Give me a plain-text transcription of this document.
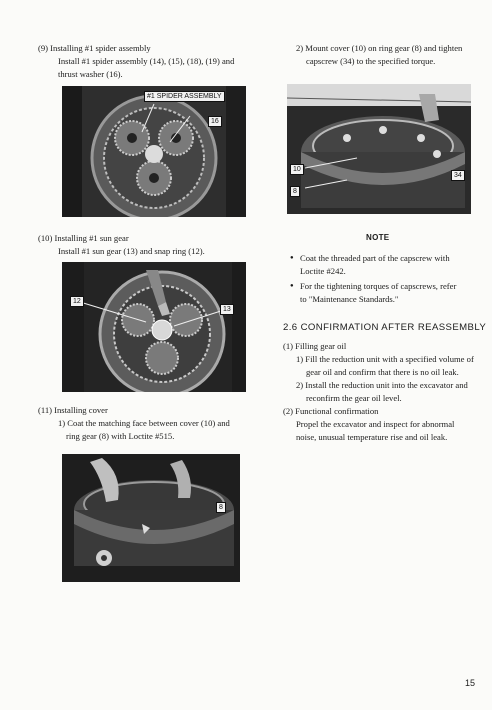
(9) Installing #1 spider assembly
Install #1 spider assembly (14), (15), (18), (19) and
thrust washer (16).
#1 SPIDER ASSEMBLY
16
(10) Installing #1 sun gear
Install #1 sun gear (13) and snap ring (12).
12
13
(11) Installing cover
1) Coat the matching face between cover (10) and
ring gear (8) with Loctite #515.
8
2) Mount cover (10) on ring gear (8) and tighten
capscrew (34) to the specified torque.
10
8
34
NOTE
● Coat the threaded part of the capscrew with
Loctite #242.
● For the tightening torques of capscrews, refer
to "Maintenance Standards."
2.6 CONFIRMATION AFTER REASSEMBLY
(1) Filling gear oil
1) Fill the reduction unit with a specified volume of
gear oil and confirm that there is no oil leak.
2) Install the reduction unit into the excavator and
reconfirm the gear oil level.
(2) Functional confirmation
Propel the excavator and inspect for abnormal
noise, unusual temperature rise and oil leak.
15
